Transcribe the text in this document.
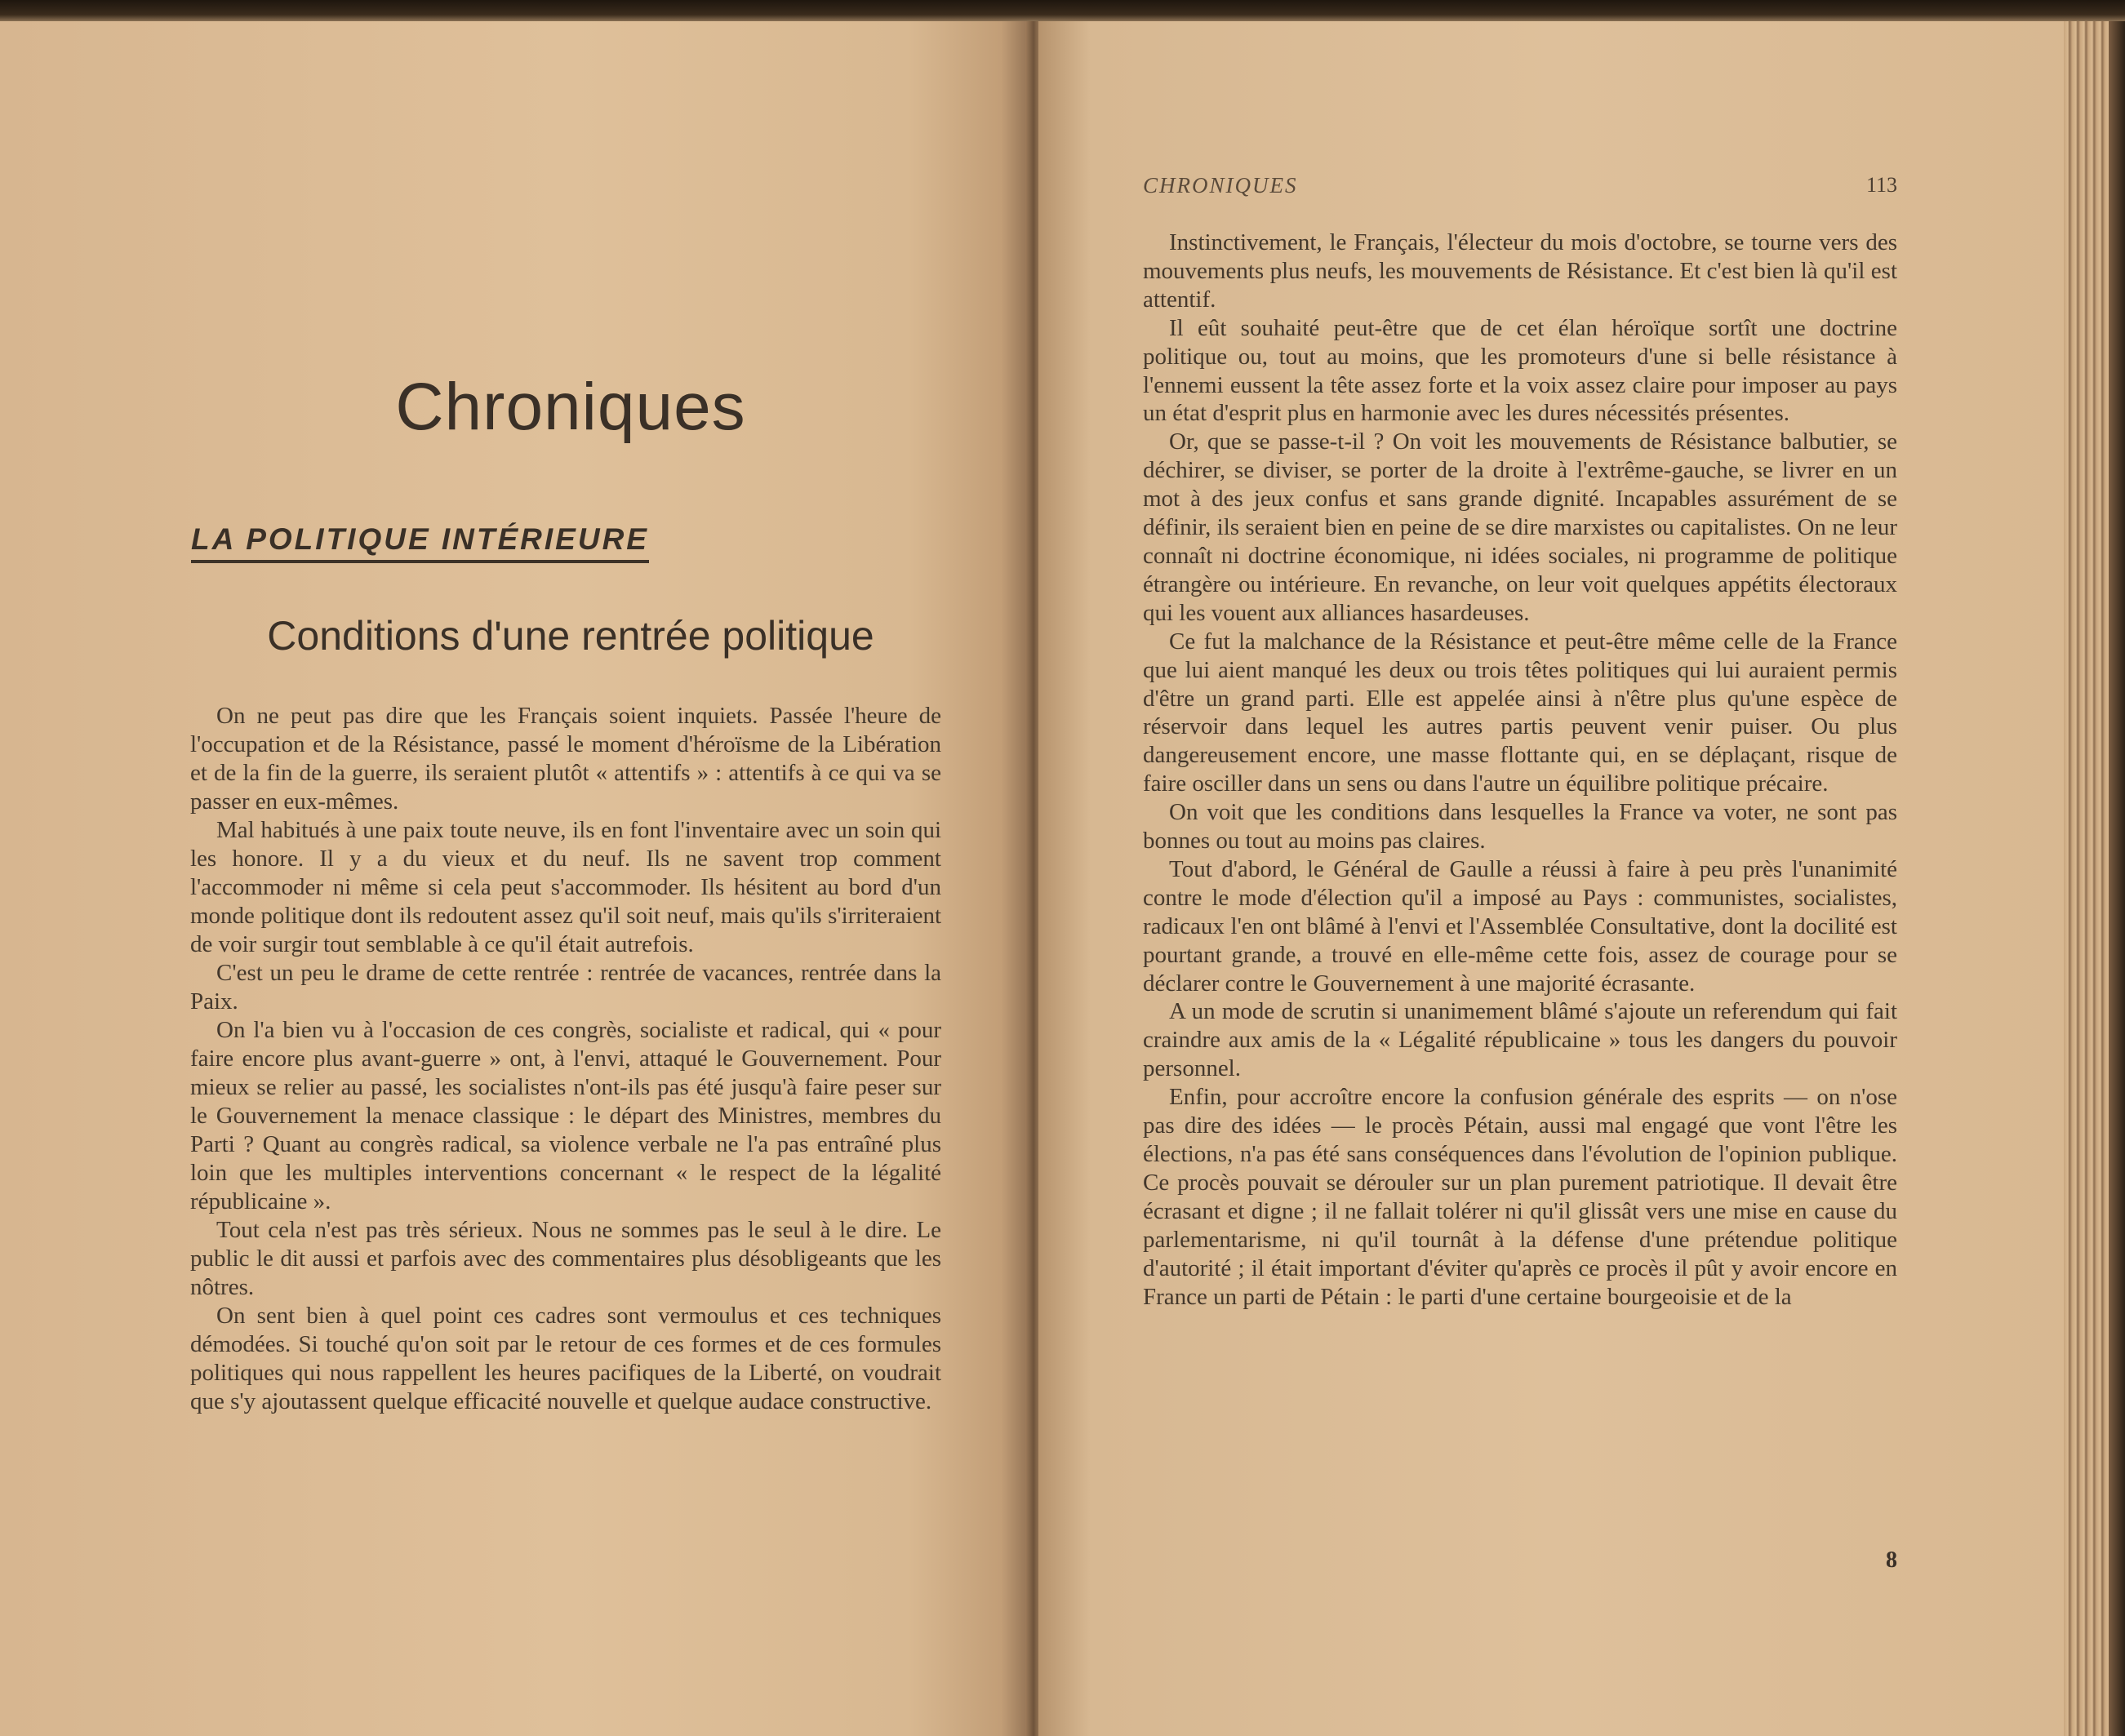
Chroniques
LA POLITIQUE INTÉRIEURE
Conditions d'une rentrée politique

On ne peut pas dire que les Français soient inquiets. Passée l'heure de l'occupation et de la Résistance, passé le moment d'héroïsme de la Libération et de la fin de la guerre, ils seraient plutôt « attentifs » : attentifs à ce qui va se passer en eux-mêmes.

Mal habitués à une paix toute neuve, ils en font l'inventaire avec un soin qui les honore. Il y a du vieux et du neuf. Ils ne savent trop comment l'accommoder ni même si cela peut s'accommoder. Ils hésitent au bord d'un monde politique dont ils redoutent assez qu'il soit neuf, mais qu'ils s'irriteraient de voir surgir tout semblable à ce qu'il était autrefois.

C'est un peu le drame de cette rentrée : rentrée de vacances, rentrée dans la Paix.

On l'a bien vu à l'occasion de ces congrès, socialiste et radical, qui « pour faire encore plus avant-guerre » ont, à l'envi, attaqué le Gouvernement. Pour mieux se relier au passé, les socialistes n'ont-ils pas été jusqu'à faire peser sur le Gouvernement la menace classique : le départ des Ministres, membres du Parti ? Quant au congrès radical, sa violence verbale ne l'a pas entraîné plus loin que les multiples interventions concernant « le respect de la légalité républicaine ».

Tout cela n'est pas très sérieux. Nous ne sommes pas le seul à le dire. Le public le dit aussi et parfois avec des commentaires plus désobligeants que les nôtres.

On sent bien à quel point ces cadres sont vermoulus et ces techniques démodées. Si touché qu'on soit par le retour de ces formes et de ces formules politiques qui nous rappellent les heures pacifiques de la Liberté, on voudrait que s'y ajoutassent quelque efficacité nouvelle et quelque audace constructive.

CHRONIQUES	113

Instinctivement, le Français, l'électeur du mois d'octobre, se tourne vers des mouvements plus neufs, les mouvements de Résistance. Et c'est bien là qu'il est attentif.

Il eût souhaité peut-être que de cet élan héroïque sortît une doctrine politique ou, tout au moins, que les promoteurs d'une si belle résistance à l'ennemi eussent la tête assez forte et la voix assez claire pour imposer au pays un état d'esprit plus en harmonie avec les dures nécessités présentes.

Or, que se passe-t-il ? On voit les mouvements de Résistance balbutier, se déchirer, se diviser, se porter de la droite à l'extrême-gauche, se livrer en un mot à des jeux confus et sans grande dignité. Incapables assurément de se définir, ils seraient bien en peine de se dire marxistes ou capitalistes. On ne leur connaît ni doctrine économique, ni idées sociales, ni programme de politique étrangère ou intérieure. En revanche, on leur voit quelques appétits électoraux qui les vouent aux alliances hasardeuses.

Ce fut la malchance de la Résistance et peut-être même celle de la France que lui aient manqué les deux ou trois têtes politiques qui lui auraient permis d'être un grand parti. Elle est appelée ainsi à n'être plus qu'une espèce de réservoir dans lequel les autres partis peuvent venir puiser. Ou plus dangereusement encore, une masse flottante qui, en se déplaçant, risque de faire osciller dans un sens ou dans l'autre un équilibre politique précaire.

On voit que les conditions dans lesquelles la France va voter, ne sont pas bonnes ou tout au moins pas claires.

Tout d'abord, le Général de Gaulle a réussi à faire à peu près l'unanimité contre le mode d'élection qu'il a imposé au Pays : communistes, socialistes, radicaux l'en ont blâmé à l'envi et l'Assemblée Consultative, dont la docilité est pourtant grande, a trouvé en elle-même cette fois, assez de courage pour se déclarer contre le Gouvernement à une majorité écrasante.

A un mode de scrutin si unanimement blâmé s'ajoute un referendum qui fait craindre aux amis de la « Légalité républicaine » tous les dangers du pouvoir personnel.

Enfin, pour accroître encore la confusion générale des esprits — on n'ose pas dire des idées — le procès Pétain, aussi mal engagé que vont l'être les élections, n'a pas été sans conséquences dans l'évolution de l'opinion publique. Ce procès pouvait se dérouler sur un plan purement patriotique. Il devait être écrasant et digne ; il ne fallait tolérer ni qu'il glissât vers une mise en cause du parlementarisme, ni qu'il tournât à la défense d'une prétendue politique d'autorité ; il était important d'éviter qu'après ce procès il pût y avoir encore en France un parti de Pétain : le parti d'une certaine bourgeoisie et de la

8
